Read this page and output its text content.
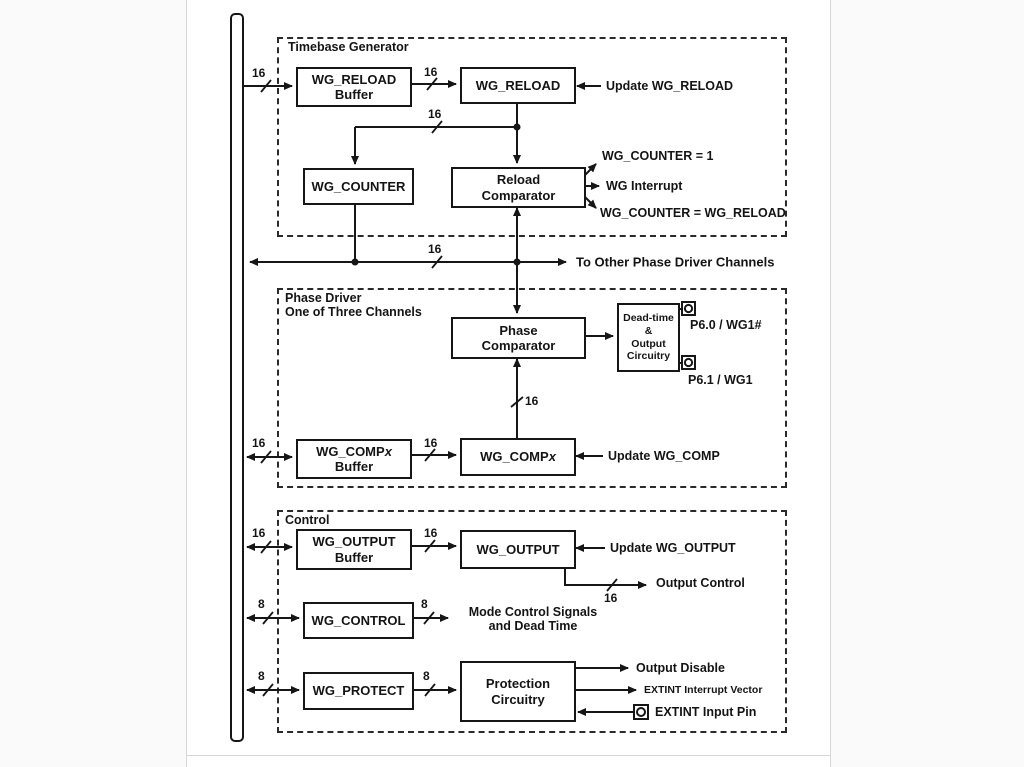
Timebase Generator
Phase Driver
One of Three Channels
Control
WG_RELOAD
Buffer
WG_RELOAD
WG_COUNTER	Reload
Comparator
Phase
Comparator
Dead-time
&
Output
Circuitry
WG_COMPx
Buffer
WG_COMPx
WG_OUTPUT
Buffer
WG_OUTPUT
WG_CONTROL
WG_PROTECT	Protection
Circuitry
16	16
16
16
16
16	16
16	16
16
8	8
8	8
Update WG_RELOAD
WG_COUNTER = 1
WG Interrupt
WG_COUNTER = WG_RELOAD
To Other Phase Driver Channels
P6.0 / WG1#
P6.1 / WG1
Update WG_COMP
Update WG_OUTPUT
Output Control
Mode Control Signals
and Dead Time
Output Disable
EXTINT Interrupt Vector
EXTINT Input Pin
